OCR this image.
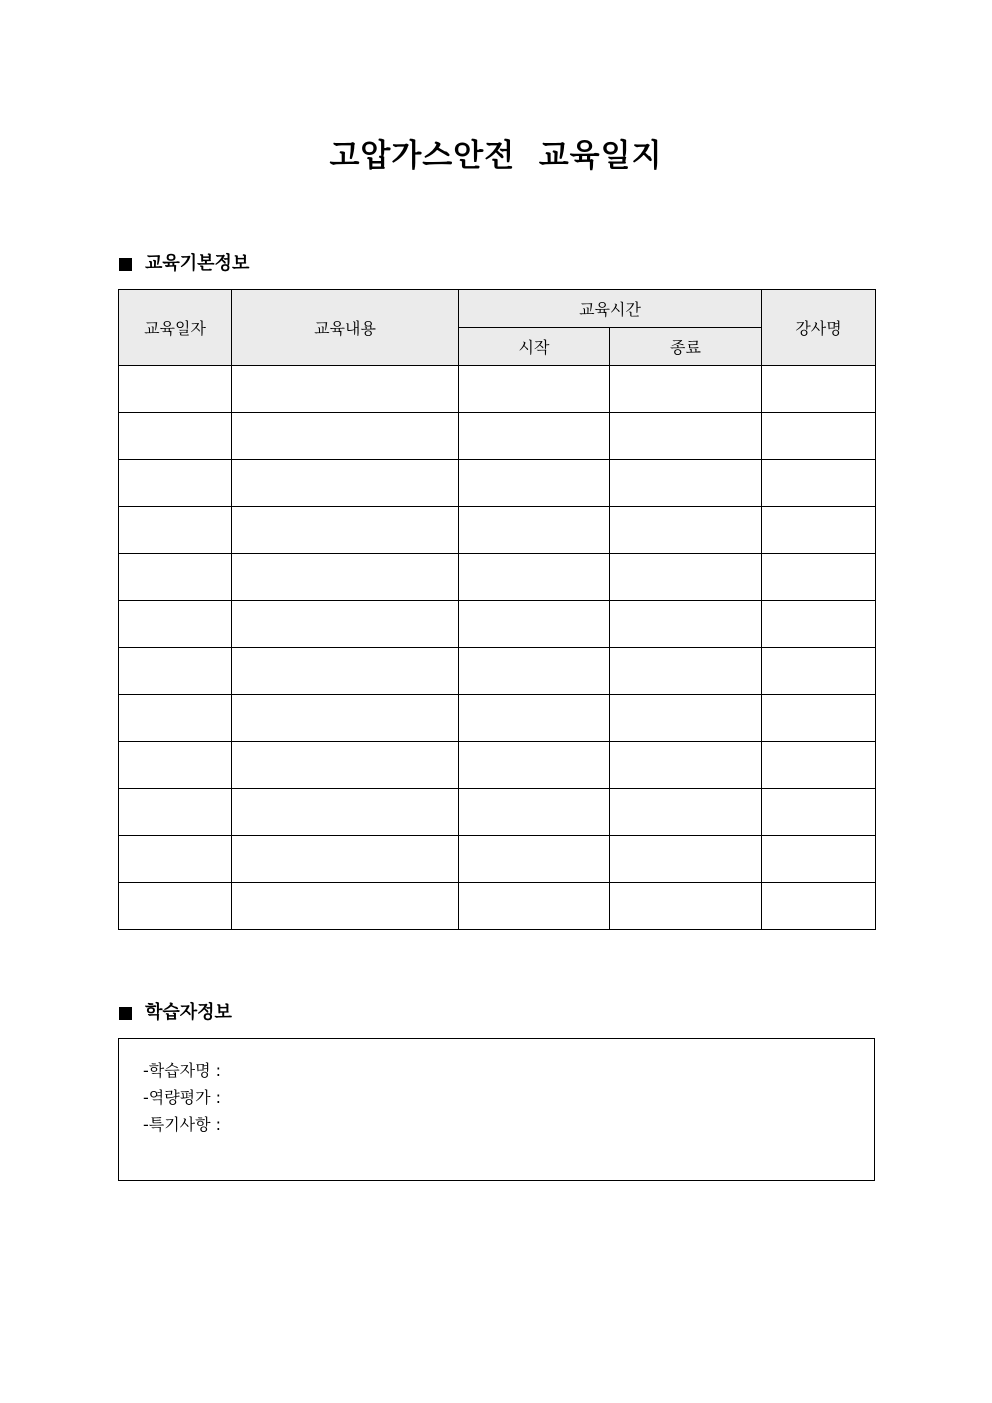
고압가스안전  교육일지
교육기본정보
교육일자	교육내용	교육시간		강사명
		시작	종료	

학습자정보
-학습자명 :
-역량평가 :
-특기사항 :
